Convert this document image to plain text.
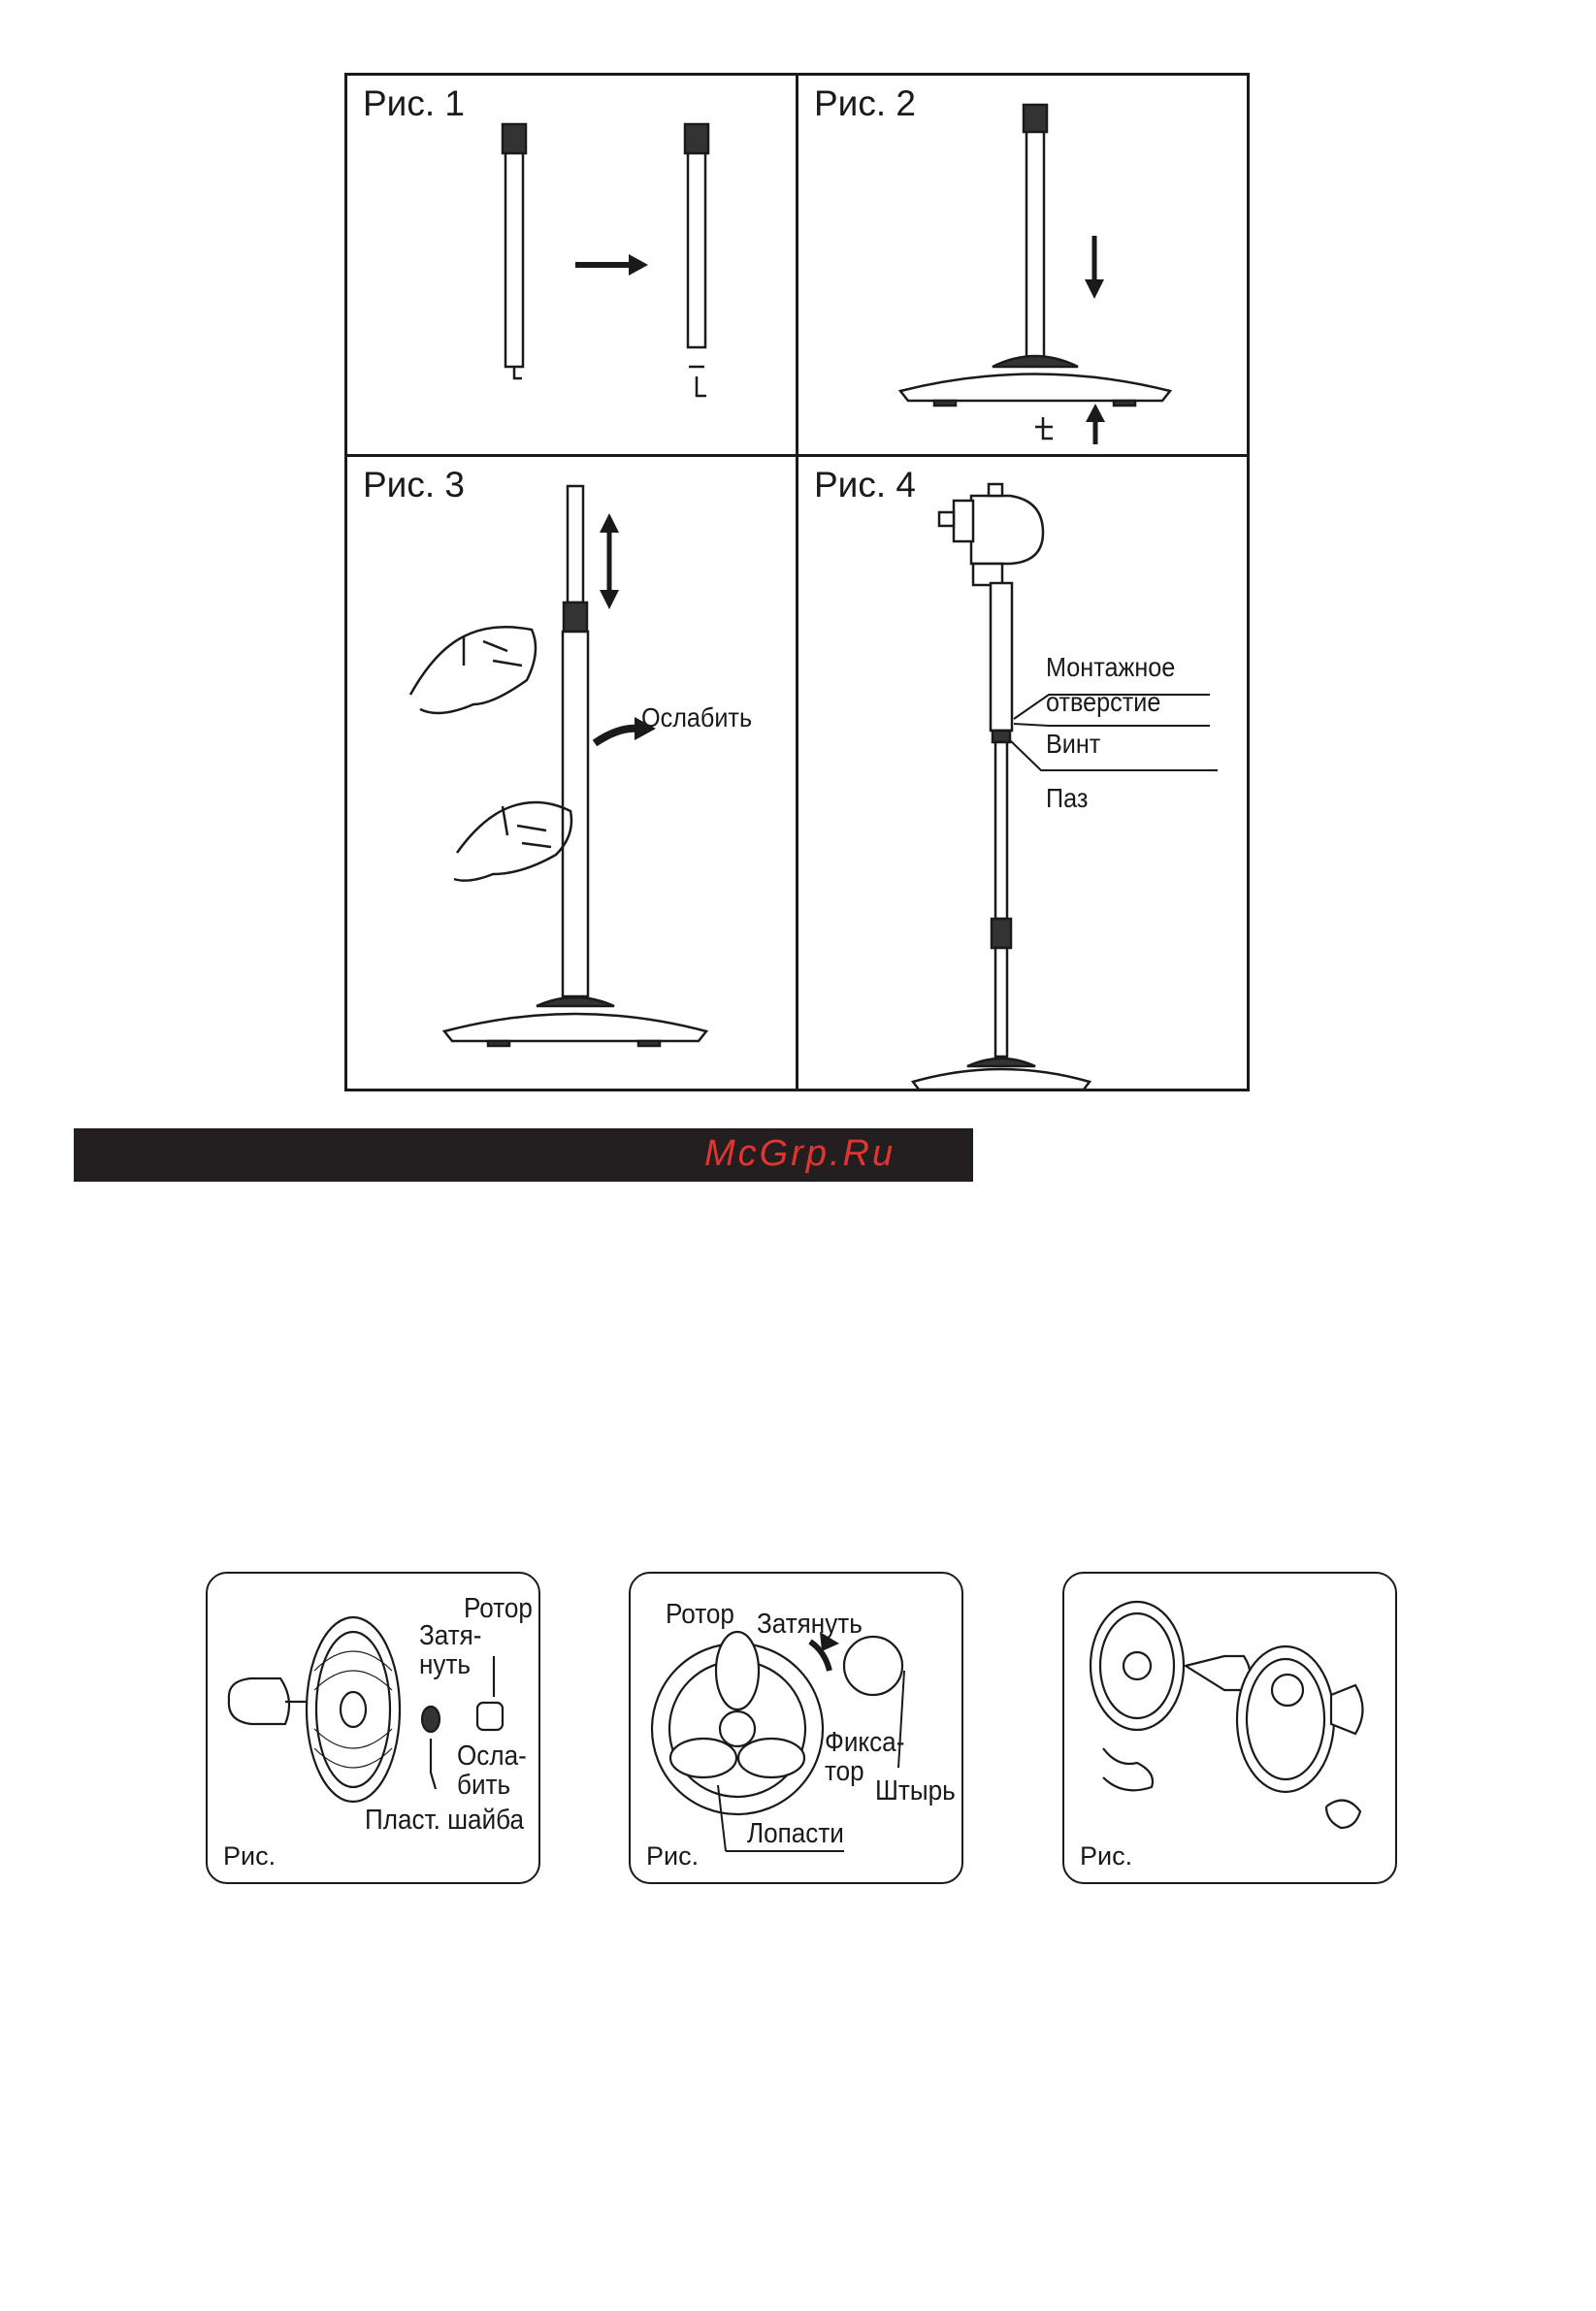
Рис. 1	Рис. 2
Рис. 3
Ослабить
Рис. 4
Монтажное
отверстие
Винт
Паз
McGrp.Ru
Ротор
Затя-
нуть
Осла-
бить
Пласт. шайба
Рис.
Ротор Затянуть
Фикса-
тор
Штырь
Лопасти
Рис.	Рис.
